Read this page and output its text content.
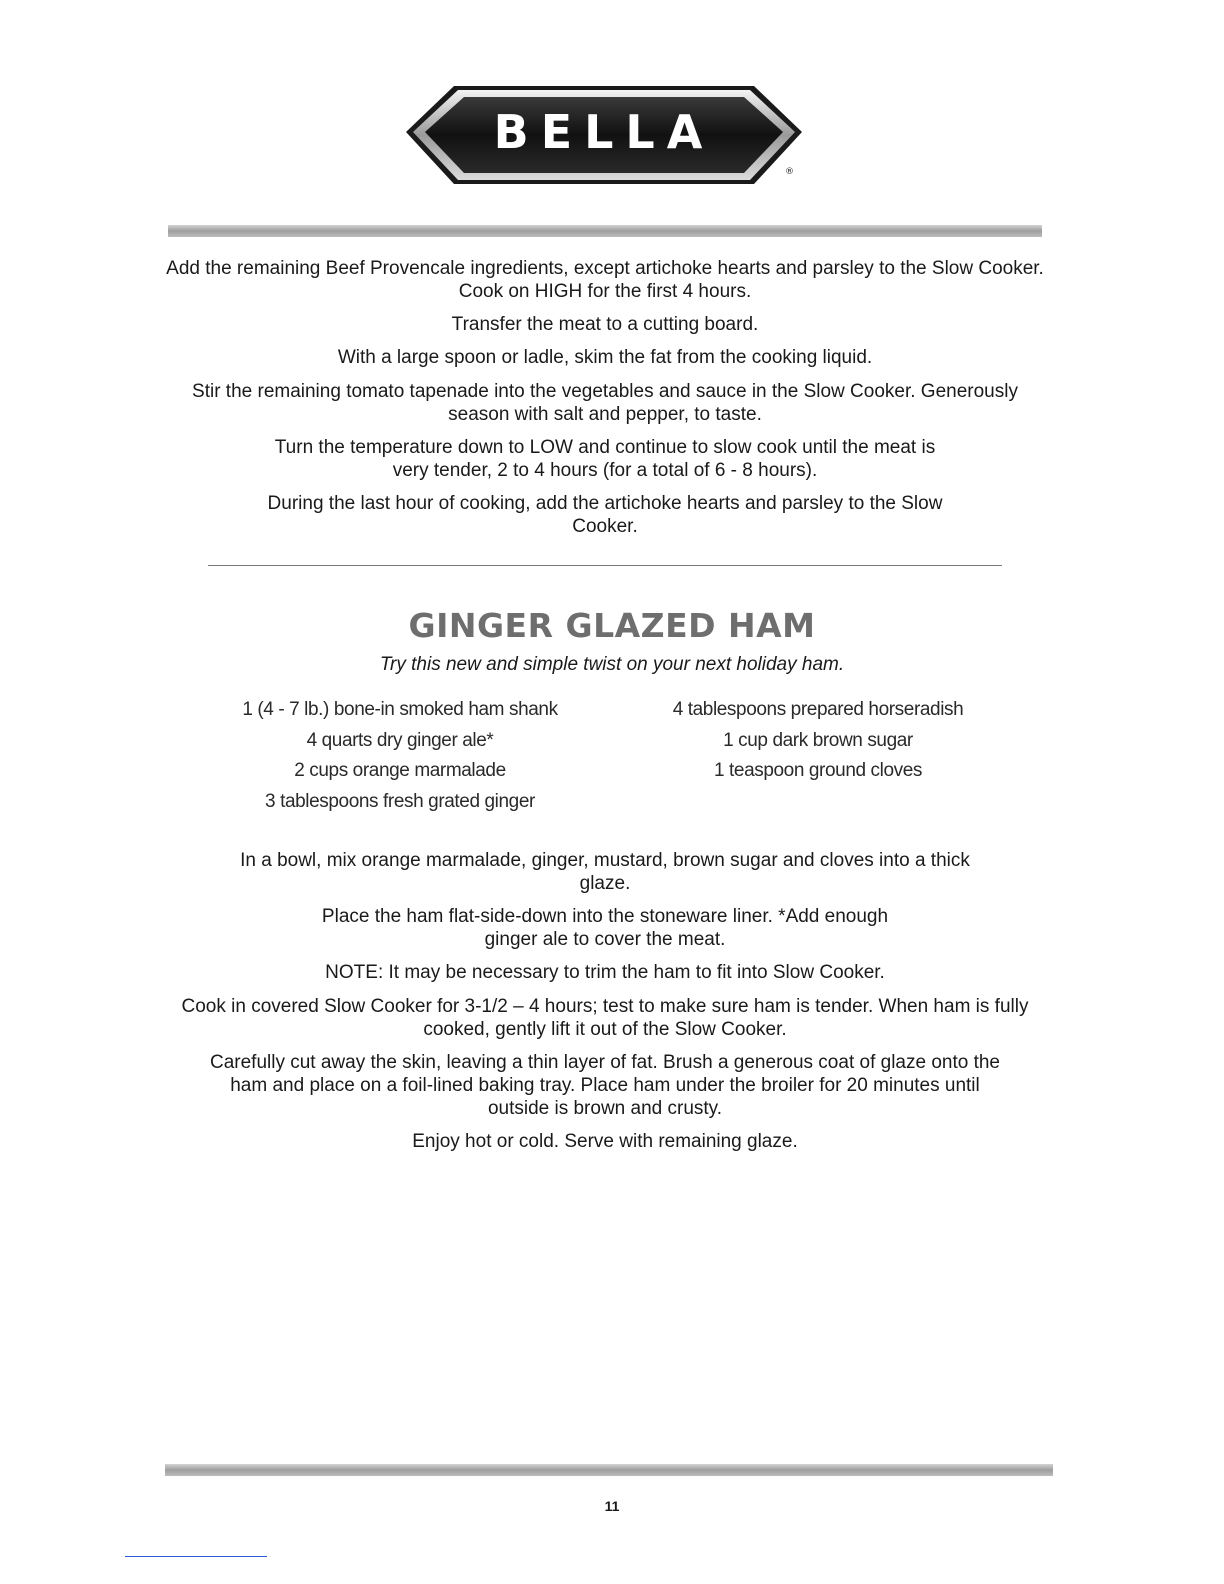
BELLA
®

Add the remaining Beef Provencale ingredients, except artichoke hearts and parsley to the Slow Cooker. Cook on HIGH for the first 4 hours.

Transfer the meat to a cutting board.

With a large spoon or ladle, skim the fat from the cooking liquid.

Stir the remaining tomato tapenade into the vegetables and sauce in the Slow Cooker. Generously season with salt and pepper, to taste.

Turn the temperature down to LOW and continue to slow cook until the meat is very tender, 2 to 4 hours (for a total of 6 - 8 hours).

During the last hour of cooking, add the artichoke hearts and parsley to the Slow Cooker.

GINGER GLAZED HAM

Try this new and simple twist on your next holiday ham.

1 (4 - 7 lb.) bone-in smoked ham shank
4 quarts dry ginger ale*
2 cups orange marmalade
3 tablespoons fresh grated ginger
4 tablespoons prepared horseradish
1 cup dark brown sugar
1 teaspoon ground cloves

In a bowl, mix orange marmalade, ginger, mustard, brown sugar and cloves into a thick glaze.

Place the ham flat-side-down into the stoneware liner. *Add enough ginger ale to cover the meat.

NOTE: It may be necessary to trim the ham to fit into Slow Cooker.

Cook in covered Slow Cooker for 3-1/2 – 4 hours; test to make sure ham is tender. When ham is fully cooked, gently lift it out of the Slow Cooker.

Carefully cut away the skin, leaving a thin layer of fat. Brush a generous coat of glaze onto the ham and place on a foil-lined baking tray. Place ham under the broiler for 20 minutes until outside is brown and crusty.

Enjoy hot or cold. Serve with remaining glaze.

11
